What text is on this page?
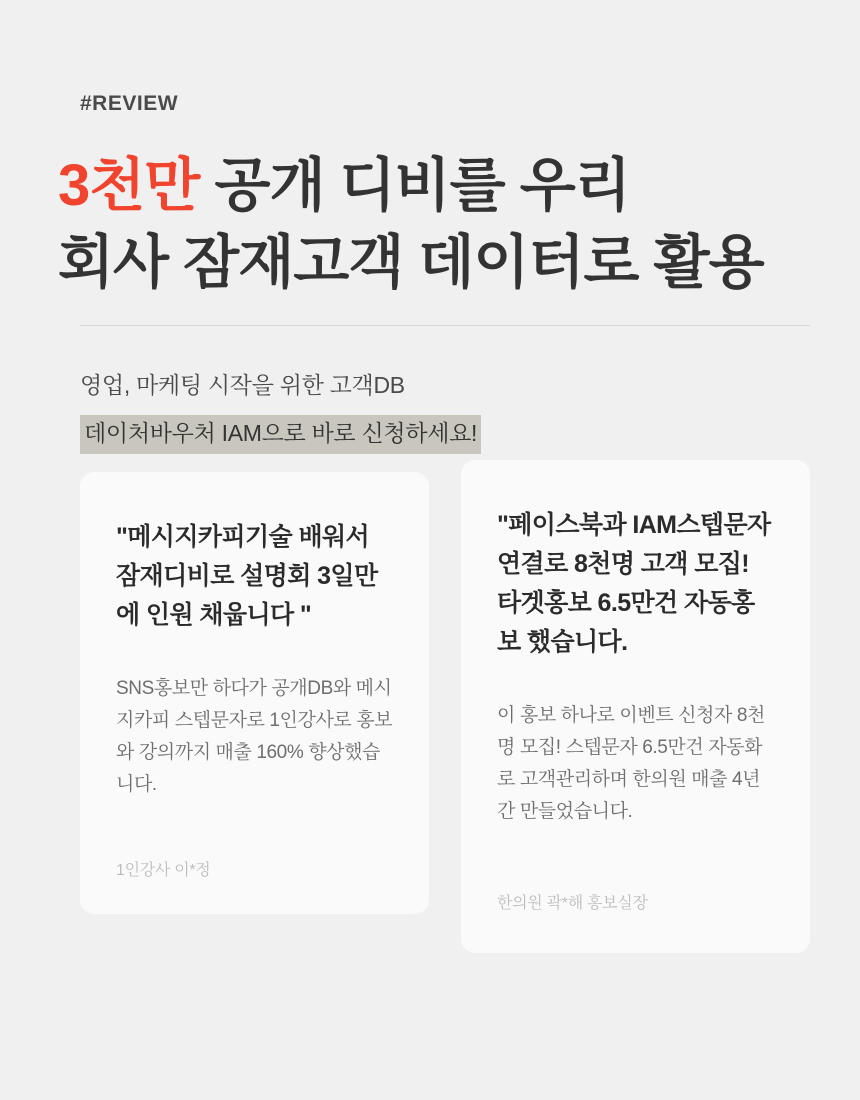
#REVIEW
3천만 공개 디비를 우리
회사 잠재고객 데이터로 활용
영업, 마케팅 시작을 위한 고객DB
데이처바우처 IAM으로 바로 신청하세요!

"메시지카피기술 배워서 잠재디비로 설명회 3일만에 인원 채웁니다 "

SNS홍보만 하다가 공개DB와 메시지카피 스텝문자로 1인강사로 홍보와 강의까지 매출 160% 향상했습니다.

1인강사 이*정

"페이스북과 IAM스텝문자 연결로 8천명 고객 모집! 타겟홍보 6.5만건 자동홍보 했습니다.

이 홍보 하나로 이벤트 신청자 8천명 모집! 스텝문자 6.5만건 자동화로 고객관리하며 한의원 매출 4년간 만들었습니다.

한의원 곽*해 홍보실장
